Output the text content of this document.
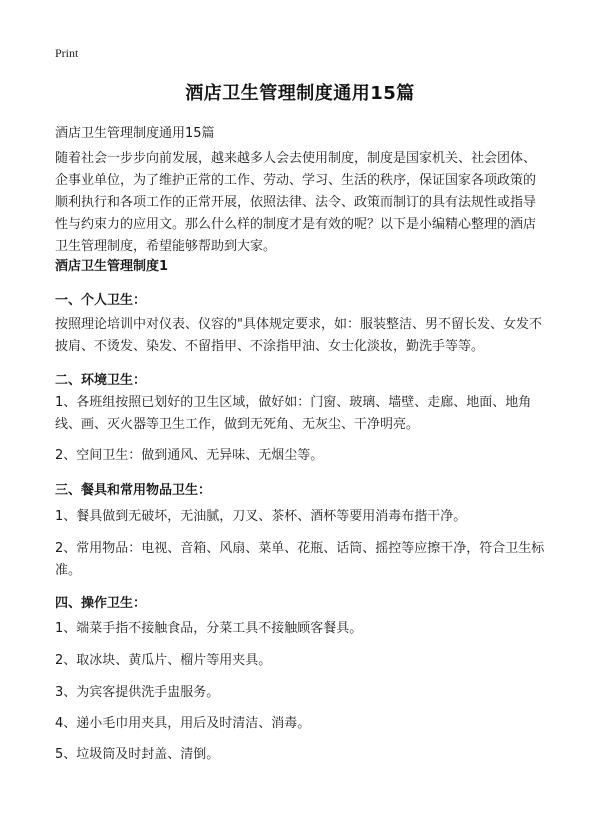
Print
酒店卫生管理制度通用15篇
酒店卫生管理制度通用15篇

随着社会一步步向前发展，越来越多人会去使用制度，制度是国家机关、社会团体、企事业单位，为了维护正常的工作、劳动、学习、生活的秩序，保证国家各项政策的顺利执行和各项工作的正常开展，依照法律、法令、政策而制订的具有法规性或指导性与约束力的应用文。那么什么样的制度才是有效的呢？以下是小编精心整理的酒店卫生管理制度，希望能够帮助到大家。

酒店卫生管理制度1

一、个人卫生：

按照理论培训中对仪表、仪容的"具体规定要求，如：服装整洁、男不留长发、女发不披肩、不烫发、染发、不留指甲、不涂指甲油、女士化淡妆，勤洗手等等。

二、环境卫生：

1、各班组按照已划好的卫生区域，做好如：门窗、玻璃、墙壁、走廊、地面、地角线、画、灭火器等卫生工作，做到无死角、无灰尘、干净明亮。

2、空间卫生：做到通风、无异味、无烟尘等。

三、餐具和常用物品卫生：

1、餐具做到无破坏，无油腻，刀叉、茶杯、酒杯等要用消毒布揩干净。

2、常用物品：电视、音箱、风扇、菜单、花瓶、话筒、摇控等应擦干净，符合卫生标准。

四、操作卫生：

1、端菜手指不接触食品，分菜工具不接触顾客餐具。

2、取冰块、黄瓜片、榴片等用夹具。

3、为宾客提供洗手盅服务。

4、递小毛巾用夹具，用后及时清洁、消毒。

5、垃圾筒及时封盖、清倒。
